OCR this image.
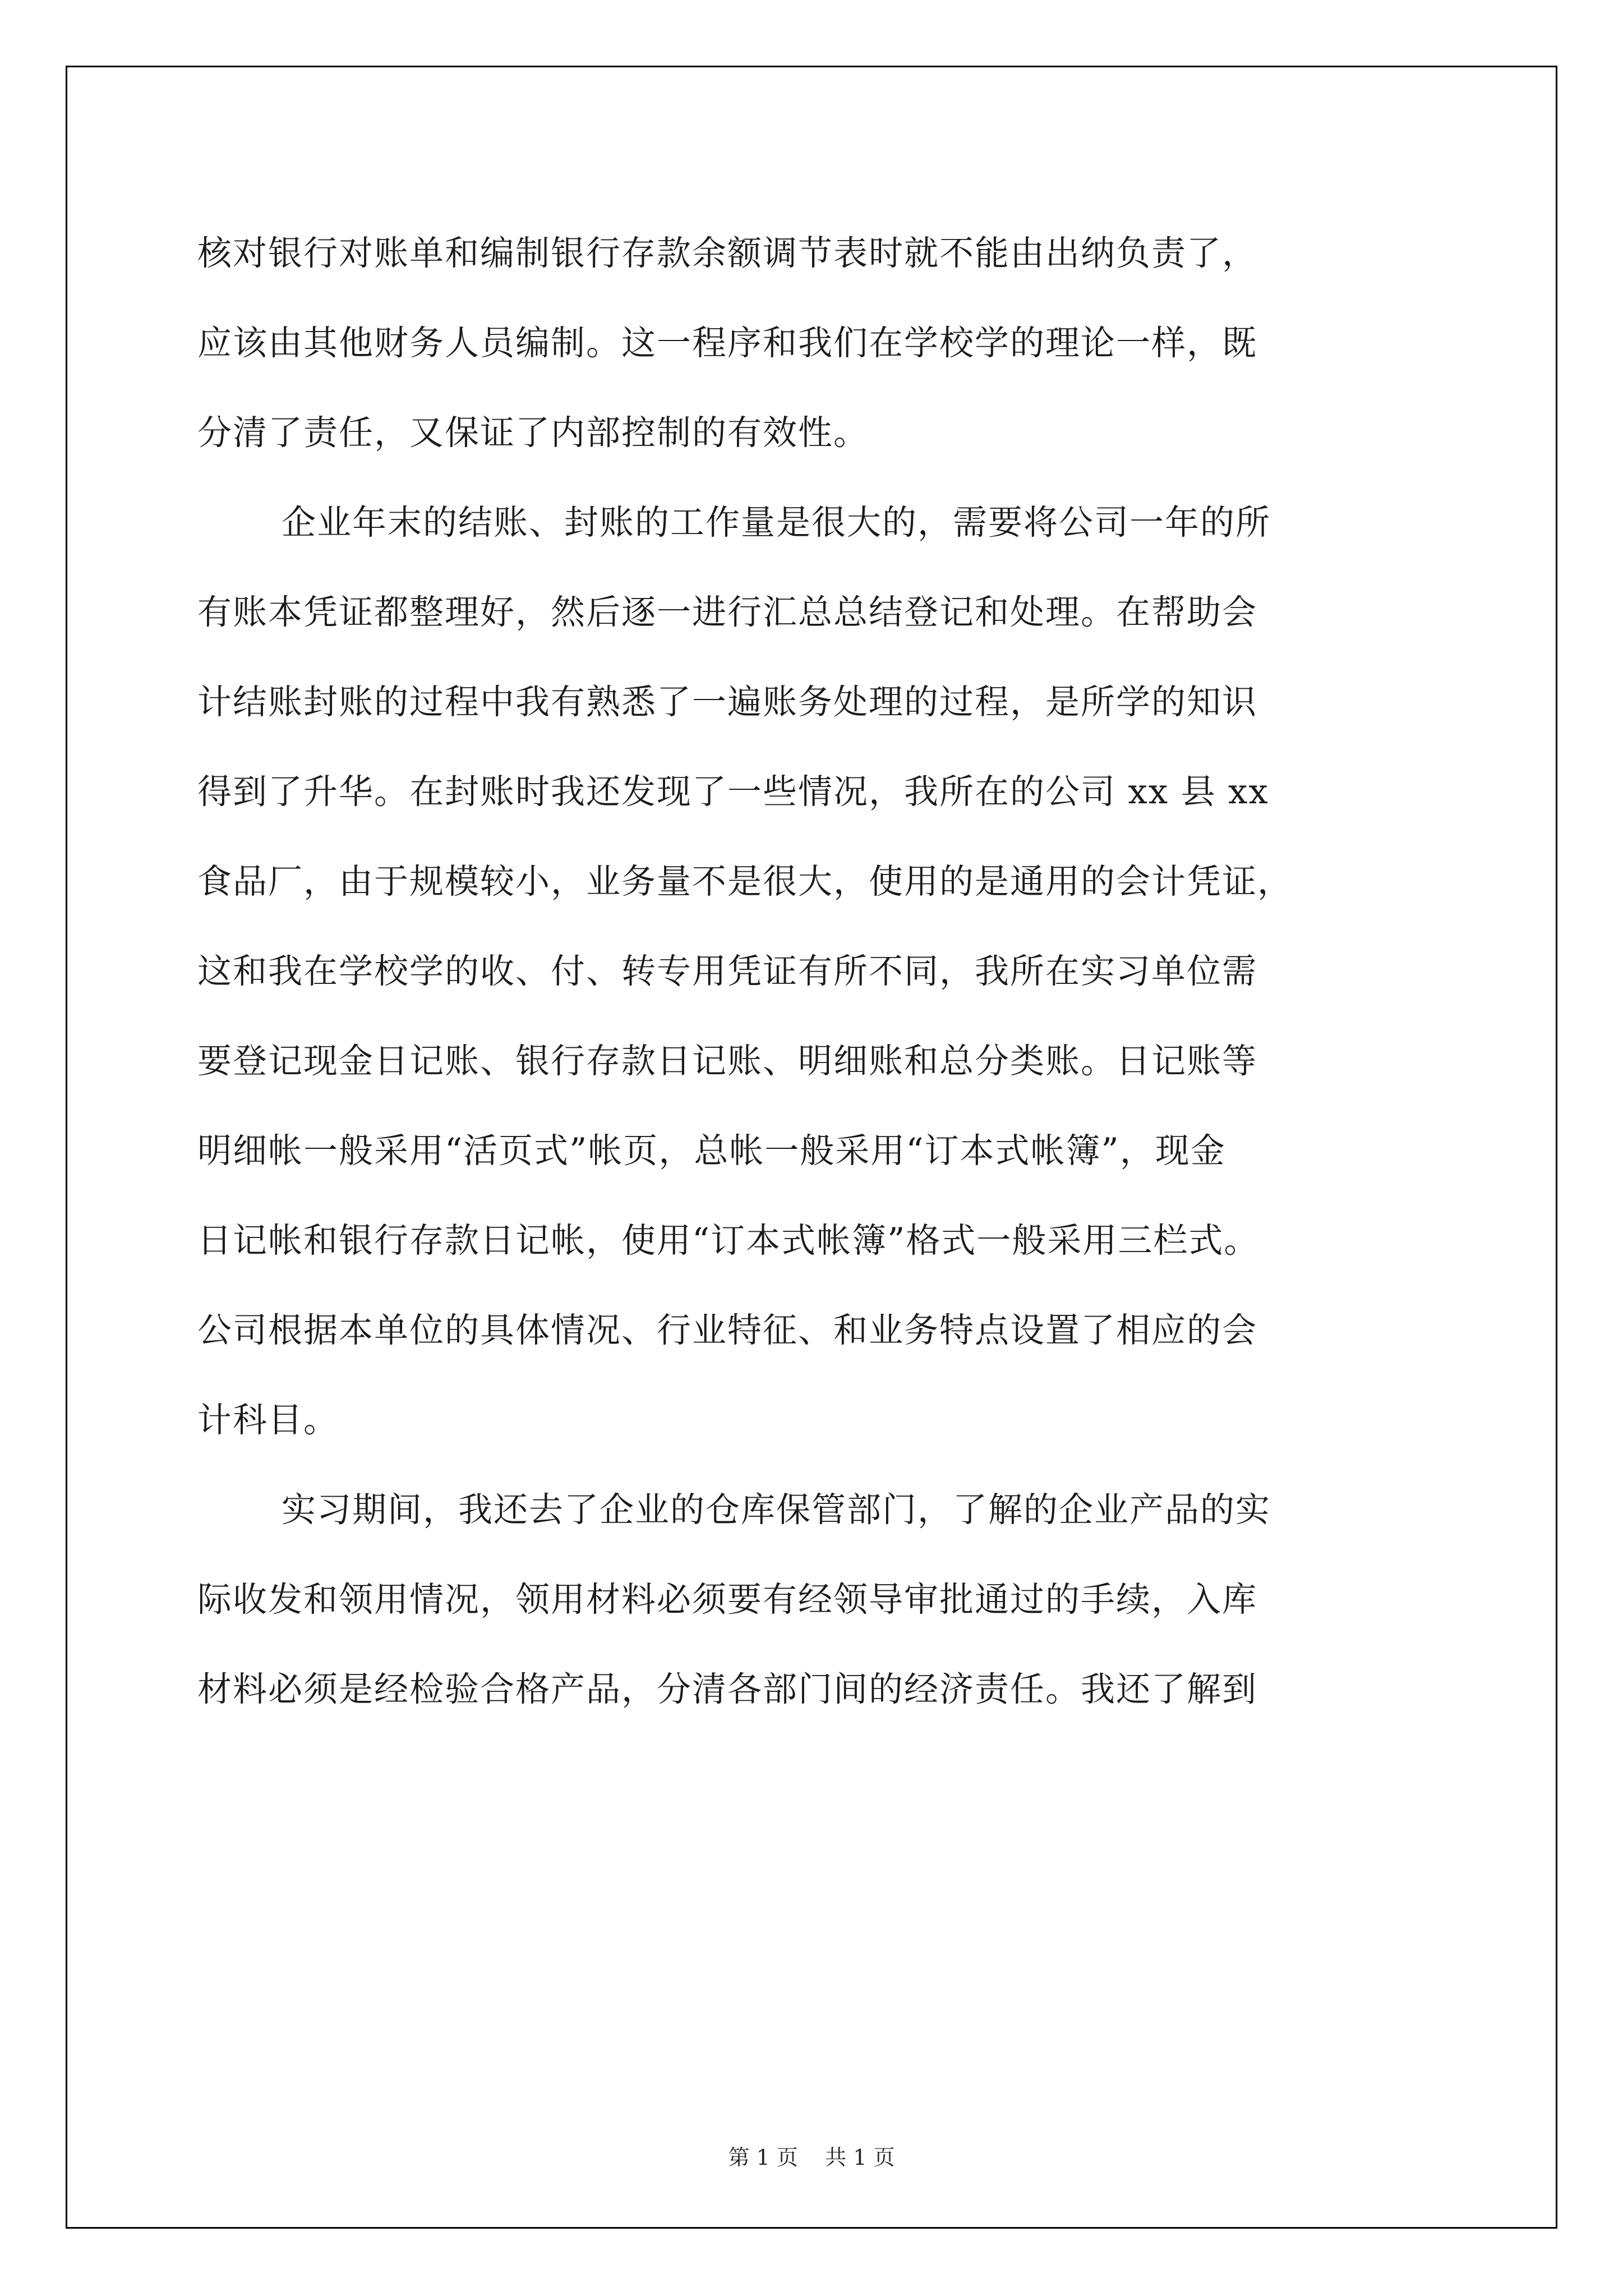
核对银行对账单和编制银行存款余额调节表时就不能由出纳负责了，
应该由其他财务人员编制。这一程序和我们在学校学的理论一样，既
分清了责任，又保证了内部控制的有效性。
企业年末的结账、封账的工作量是很大的，需要将公司一年的所
有账本凭证都整理好，然后逐一进行汇总总结登记和处理。在帮助会
计结账封账的过程中我有熟悉了一遍账务处理的过程，是所学的知识
得到了升华。在封账时我还发现了一些情况，我所在的公司 xx 县 xx
食品厂，由于规模较小，业务量不是很大，使用的是通用的会计凭证，
这和我在学校学的收、付、转专用凭证有所不同，我所在实习单位需
要登记现金日记账、银行存款日记账、明细账和总分类账。日记账等
明细帐一般采用“活页式”帐页，总帐一般采用“订本式帐簿”，现金
日记帐和银行存款日记帐，使用“订本式帐簿”格式一般采用三栏式。
公司根据本单位的具体情况、行业特征、和业务特点设置了相应的会
计科目。
实习期间，我还去了企业的仓库保管部门，了解的企业产品的实
际收发和领用情况，领用材料必须要有经领导审批通过的手续，入库
材料必须是经检验合格产品，分清各部门间的经济责任。我还了解到
第 1 页    共 1 页
